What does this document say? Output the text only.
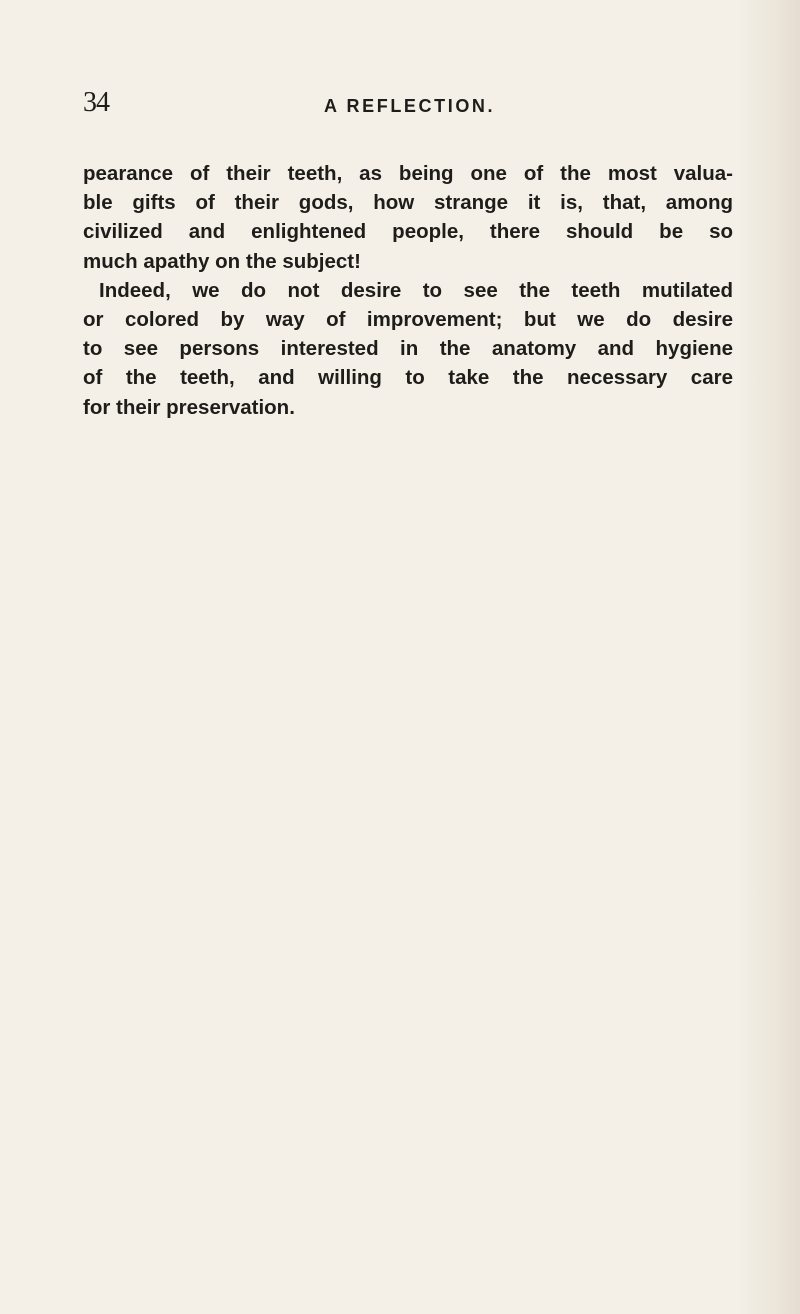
34	A REFLECTION.
pearance of their teeth, as being one of the most valua-
ble gifts of their gods, how strange it is, that, among
civilized and enlightened people, there should be so
much apathy on the subject!
Indeed, we do not desire to see the teeth mutilated
or colored by way of improvement; but we do desire
to see persons interested in the anatomy and hygiene
of the teeth, and willing to take the necessary care
for their preservation.
